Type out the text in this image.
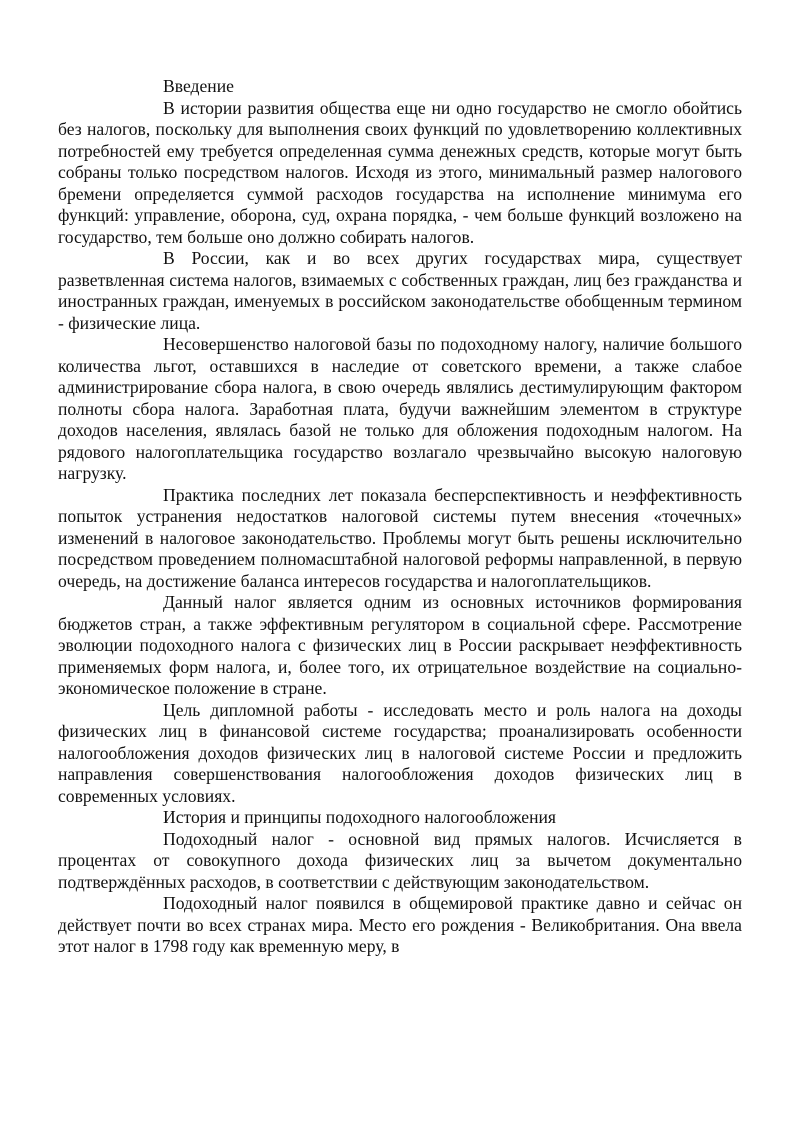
Введение

В истории развития общества еще ни одно государство не смогло обойтись без налогов, поскольку для выполнения своих функций по удовлетворению коллективных потребностей ему требуется определенная сумма денежных средств, которые могут быть собраны только посредством налогов. Исходя из этого, минимальный размер налогового бремени определяется суммой расходов государства на исполнение минимума его функций: управление, оборона, суд, охрана порядка, - чем больше функций возложено на государство, тем больше оно должно собирать налогов.

В России, как и во всех других государствах мира, существует разветвленная система налогов, взимаемых с собственных граждан, лиц без гражданства и иностранных граждан, именуемых в российском законодательстве обобщенным термином - физические лица.

Несовершенство налоговой базы по подоходному налогу, наличие большого количества льгот, оставшихся в наследие от советского времени, а также слабое администрирование сбора налога, в свою очередь являлись дестимулирующим фактором полноты сбора налога. Заработная плата, будучи важнейшим элементом в структуре доходов населения, являлась базой не только для обложения подоходным налогом. На рядового налогоплательщика государство возлагало чрезвычайно высокую налоговую нагрузку.

Практика последних лет показала бесперспективность и неэффективность попыток устранения недостатков налоговой системы путем внесения «точечных» изменений в налоговое законодательство. Проблемы могут быть решены исключительно посредством проведением полномасштабной налоговой реформы направленной, в первую очередь, на достижение баланса интересов государства и налогоплательщиков.

Данный налог является одним из основных источников формирования бюджетов стран, а также эффективным регулятором в социальной сфере. Рассмотрение эволюции подоходного налога с физических лиц в России раскрывает неэффективность применяемых форм налога, и, более того, их отрицательное воздействие на социально-экономическое положение в стране.

Цель дипломной работы - исследовать место и роль налога на доходы физических лиц в финансовой системе государства; проанализировать особенности налогообложения доходов физических лиц в налоговой системе России и предложить направления совершенствования налогообложения доходов физических лиц в современных условиях.

История и принципы подоходного налогообложения

Подоходный налог - основной вид прямых налогов. Исчисляется в процентах от совокупного дохода физических лиц за вычетом документально подтверждённых расходов, в соответствии с действующим законодательством.

Подоходный налог появился в общемировой практике давно и сейчас он действует почти во всех странах мира. Место его рождения - Великобритания. Она ввела этот налог в 1798 году как временную меру, в
